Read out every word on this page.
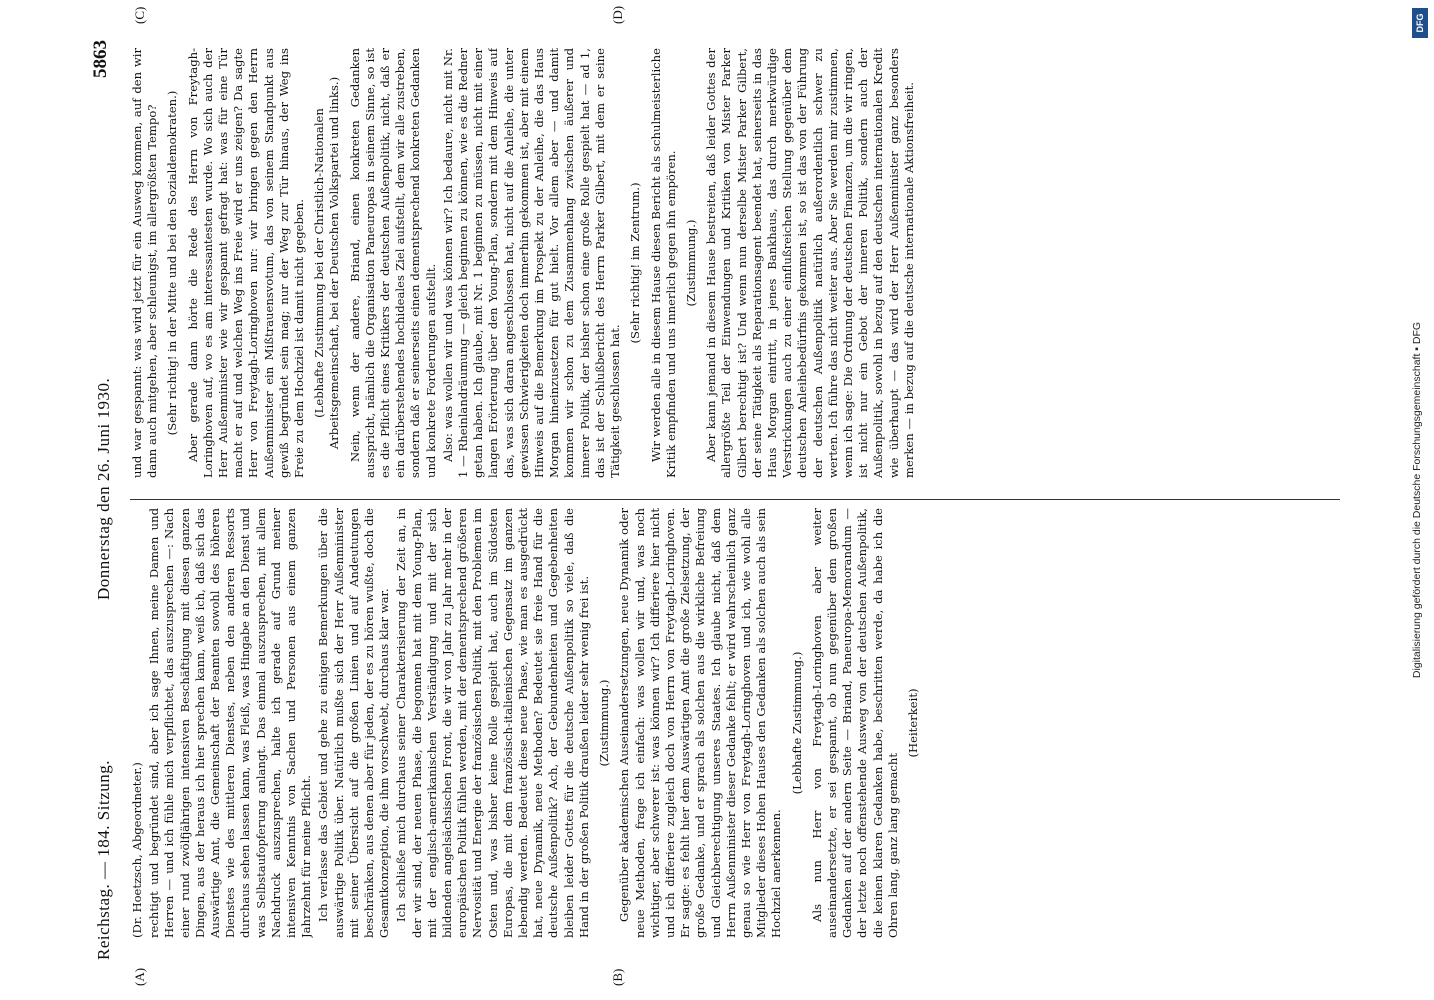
Reichstag. — 184. Sitzung.
Donnerstag den 26. Juni 1930.
5863
(A)	(B)
(C)	(D)

(Dr. Hoetzsch, Abgeordneter.) rechtigt und begründet sind, aber ich sage Ihnen, meine Damen und Herren — und ich fühle mich verpflichtet, das auszusprechen —: Nach einer rund zwölfjährigen intensiven Beschäftigung mit diesen ganzen Dingen, aus der heraus ich hier sprechen kann, weiß ich, daß sich das Auswärtige Amt, die Gemeinschaft der Beamten sowohl des höheren Dienstes wie des mittleren Dienstes, neben den anderen Ressorts durchaus sehen lassen kann, was Fleiß, was Hingabe an den Dienst und was Selbstaufopferung anlangt. Das einmal auszusprechen, mit allem Nachdruck auszusprechen, halte ich gerade auf Grund meiner intensiven Kenntnis von Sachen und Personen aus einem ganzen Jahrzehnt für meine Pflicht. Ich verlasse das Gebiet und gehe zu einigen Bemerkungen über die auswärtige Politik über. Natürlich mußte sich der Herr Außenminister mit seiner Übersicht auf die großen Linien und auf Andeutungen beschränken, aus denen aber für jeden, der es zu hören wußte, doch die Gesamtkonzeption, die ihm vorschwebt, durchaus klar war. Ich schließe mich durchaus seiner Charakterisierung der Zeit an, in der wir sind, der neuen Phase, die begonnen hat mit dem Young-Plan, mit der englisch-amerikanischen Verständigung und mit der sich bildenden angelsächsischen Front, die wir von Jahr zu Jahr mehr in der europäischen Politik fühlen werden, mit der dementsprechend größeren Nervosität und Energie der französischen Politik, mit den Problemen im Osten und, was bisher keine Rolle gespielt hat, auch im Südosten Europas, die mit dem französisch-italienischen Gegensatz im ganzen lebendig werden. Bedeutet diese neue Phase, wie man es ausgedrückt hat, neue Dynamik, neue Methoden? Bedeutet sie freie Hand für die deutsche Außenpolitik? Ach, der Gebundenheiten und Gegebenheiten bleiben leider Gottes für die deutsche Außenpolitik so viele, daß die Hand in der großen Politik draußen leider sehr wenig frei ist. (Zustimmung.) Gegenüber akademischen Auseinandersetzungen, neue Dynamik oder neue Methoden, frage ich einfach: was wollen wir und, was noch wichtiger, aber schwerer ist: was können wir? Ich differiere hier nicht und ich differiere zugleich doch von Herrn von Freytagh-Loringhoven. Er sagte: es fehlt hier dem Auswärtigen Amt die große Zielsetzung, der große Gedanke, und er sprach als solchen aus die wirkliche Befreiung und Gleichberechtigung unseres Staates. Ich glaube nicht, daß dem Herrn Außenminister dieser Gedanke fehlt; er wird wahrscheinlich ganz genau so wie Herr von Freytagh-Loringhoven und ich, wie wohl alle Mitglieder dieses Hohen Hauses den Gedanken als solchen auch als sein Hochziel anerkennen.

(Lebhafte Zustimmung.) Als nun Herr von Freytagh-Loringhoven aber weiter auseinandersetzte, er sei gespannt, ob nun gegenüber dem großen Gedanken auf der andern Seite — Briand, Paneuropa-Memorandum — der letzte noch offenstehende Ausweg von der deutschen Außenpolitik, die keinen klaren Gedanken habe, beschritten werde, da habe ich die Ohren lang, ganz lang gemacht

(Heiterkeit)

und war gespannt: was wird jetzt für ein Ausweg kommen, auf den wir dann auch mitgehen, aber schleunigst, im allergrößten Tempo? (Sehr richtig! in der Mitte und bei den Sozialdemokraten.) Aber gerade dann hörte die Rede des Herrn von Freytagh-Loringhoven auf, wo es am interessantesten wurde. Wo sich auch der Herr Außenminister wie wir gespannt gefragt hat: was für eine Tür macht er auf und welchen Weg ins Freie wird er uns zeigen? Da sagte Herr von Freytagh-Loringhoven nur: wir bringen gegen den Herrn Außenminister ein Mißtrauensvotum, das von seinem Standpunkt aus gewiß begründet sein mag; nur der Weg zur Tür hinaus, der Weg ins Freie zu dem Hochziel ist damit nicht gegeben. (Lebhafte Zustimmung bei der Christlich-Nationalen Arbeitsgemeinschaft, bei der Deutschen Volkspartei und links.) Nein, wenn der andere, Briand, einen konkreten Gedanken ausspricht, nämlich die Organisation Paneuropas in seinem Sinne, so ist es die Pflicht eines Kritikers der deutschen Außenpolitik, nicht, daß er ein darüberstehendes hochideales Ziel aufstellt, dem wir alle zustreben, sondern daß er seinerseits einen dementsprechend konkreten Gedanken und konkrete Forderungen aufstellt. Also: was wollen wir und was können wir? Ich bedaure, nicht mit Nr. 1 — Rheinlandräumung — gleich beginnen zu können, wie es die Redner getan haben. Ich glaube, mit Nr. 1 beginnen zu müssen, nicht mit einer langen Erörterung über den Young-Plan, sondern mit dem Hinweis auf das, was sich daran angeschlossen hat, nicht auf die Anleihe, die unter gewissen Schwierigkeiten doch immerhin gekommen ist, aber mit einem Hinweis auf die Bemerkung im Prospekt zu der Anleihe, die das Haus Morgan hineinzusetzen für gut hielt. Vor allem aber — und damit kommen wir schon zu dem Zusammenhang zwischen äußerer und innerer Politik, der bisher schon eine große Rolle gespielt hat — ad 1, das ist der Schlußbericht des Herrn Parker Gilbert, mit dem er seine Tätigkeit geschlossen hat.

(Sehr richtig! im Zentrum.) Wir werden alle in diesem Hause diesen Bericht als schulmeisterliche Kritik empfinden und uns innerlich gegen ihn empören. (Zustimmung.) Aber kann jemand in diesem Hause bestreiten, daß leider Gottes der allergrößte Teil der Einwendungen und Kritiken von Mister Parker Gilbert berechtigt ist? Und wenn nun derselbe Mister Parker Gilbert, der seine Tätigkeit als Reparationsagent beendet hat, seinerseits in das Haus Morgan eintritt, in jenes Bankhaus, das durch merkwürdige Verstrickungen auch zu einer einflußreichen Stellung gegenüber dem deutschen Anleihebedürfnis gekommen ist, so ist das von der Führung der deutschen Außenpolitik natürlich außerordentlich schwer zu werten. Ich führe das nicht weiter aus. Aber Sie werden mir zustimmen, wenn ich sage: Die Ordnung der deutschen Finanzen, um die wir ringen, ist nicht nur ein Gebot der inneren Politik, sondern auch der Außenpolitik, sowohl in bezug auf den deutschen internationalen Kredit wie überhaupt — das wird der Herr Außenminister ganz besonders merken — in bezug auf die deutsche internationale Aktionsfreiheit.

Digitalisierung gefördert durch die Deutsche Forschungsgemeinschaft ▪ DFG
DFG
